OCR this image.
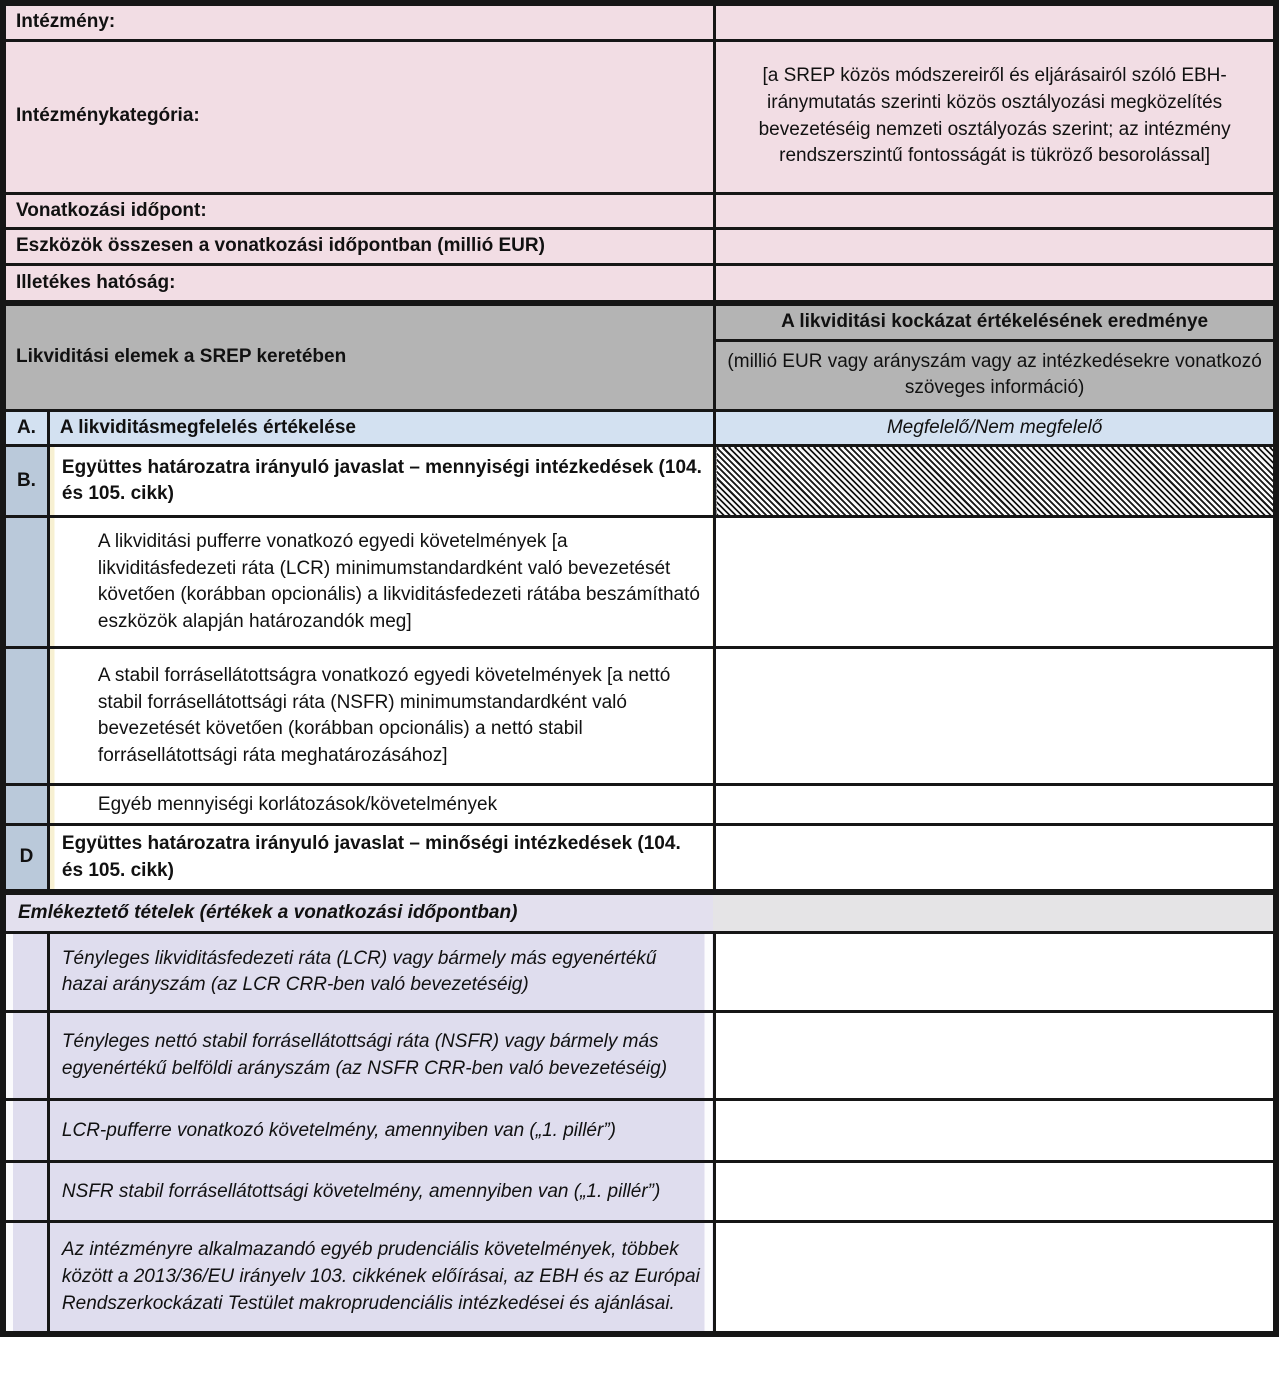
Intézmény:		
Intézménykategória:		[a SREP közös módszereiről és eljárásairól szóló EBH-iránymutatás szerinti közös osztályozási megközelítés bevezetéséig nemzeti osztályozás szerint; az intézmény rendszerszintű fontosságát is tükröző besorolással]
Vonatkozási időpont:		
Eszközök összesen a vonatkozási időpontban (millió EUR)		
Illetékes hatóság:		
Likviditási elemek a SREP keretében		A likviditási kockázat értékelésének eredménye
		(millió EUR vagy arányszám vagy az intézkedésekre vonatkozó szöveges információ)
A.	A likviditásmegfelelés értékelése	Megfelelő/Nem megfelelő
B.	Együttes határozatra irányuló javaslat – mennyiségi intézkedések (104. és 105. cikk)	
	A likviditási pufferre vonatkozó egyedi követelmények [a likviditásfedezeti ráta (LCR) minimumstandardként való bevezetését követően (korábban opcionális) a likviditásfedezeti rátába beszámítható eszközök alapján határozandók meg]	
	A stabil forrásellátottságra vonatkozó egyedi követelmények [a nettó stabil forrásellátottsági ráta (NSFR) minimumstandardként való bevezetését követően (korábban opcionális) a nettó stabil forrásellátottsági ráta meghatározásához]	
	Egyéb mennyiségi korlátozások/követelmények	
D	Együttes határozatra irányuló javaslat – minőségi intézkedések (104. és 105. cikk)	
Emlékeztető tételek (értékek a vonatkozási időpontban)		
	Tényleges likviditásfedezeti ráta (LCR) vagy bármely más egyenértékű hazai arányszám (az LCR CRR-ben való bevezetéséig)	
	Tényleges nettó stabil forrásellátottsági ráta (NSFR) vagy bármely más egyenértékű belföldi arányszám (az NSFR CRR-ben való bevezetéséig)	
	LCR-pufferre vonatkozó követelmény, amennyiben van („1. pillér”)	
	NSFR stabil forrásellátottsági követelmény, amennyiben van („1. pillér”)	
	Az intézményre alkalmazandó egyéb prudenciális követelmények, többek között a 2013/36/EU irányelv 103. cikkének előírásai, az EBH és az Európai Rendszerkockázati Testület makroprudenciális intézkedései és ajánlásai.	
